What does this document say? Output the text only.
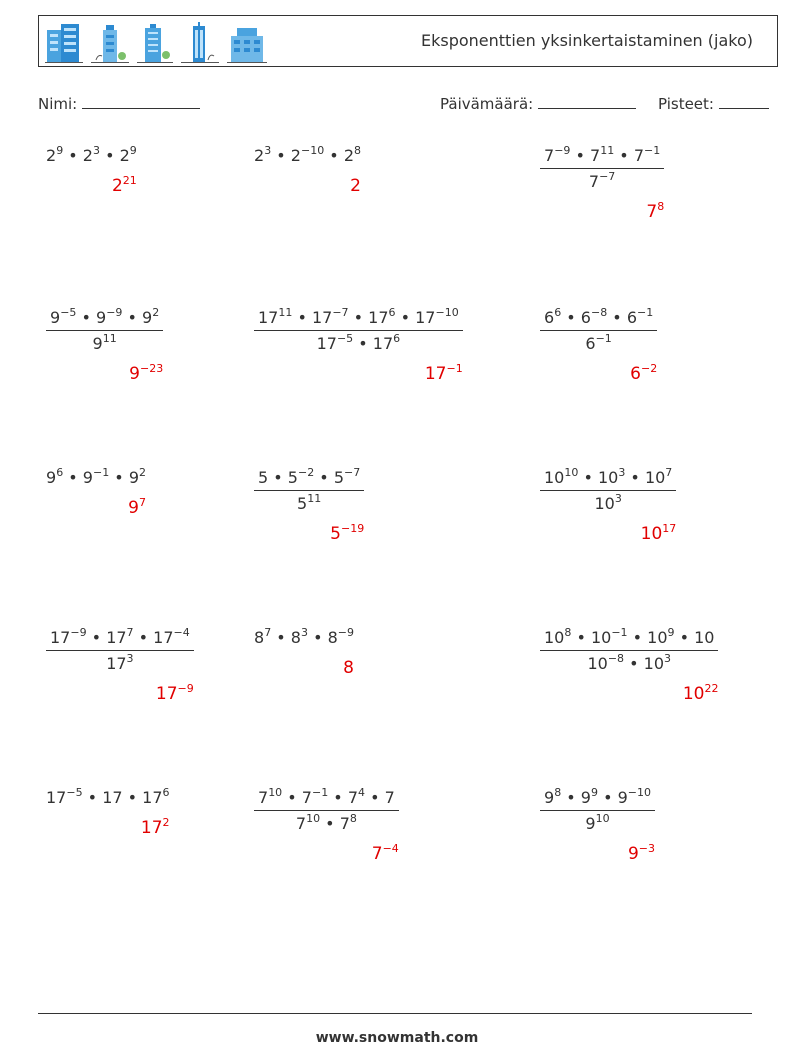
Eksponenttien yksinkertaistaminen (jako)
Nimi:	Päivämäärä:	Pisteet:
$2^9$ • $2^3$ • $2^9$
$2^{21}$
$2^3$ • $2^{-10}$ • $2^8$
2	$\frac{7^{-9} • 7^{11} • 7^{-1}}{7^{-7}}$
$7^8$
$\frac{9^{-5} • 9^{-9} • 9^2}{9^{11}}$
$9^{-23}$
$\frac{17^{11} • 17^{-7} • 17^6 • 17^{-10}}{17^{-5} • 17^6}$
$17^{-1}$
$\frac{6^6 • 6^{-8} • 6^{-1}}{6^{-1}}$
$6^{-2}$
$9^6$ • $9^{-1}$ • $9^2$
$9^7$	$\frac{5 • 5^{-2} • 5^{-7}}{5^{11}}$
$5^{-19}$
$\frac{10^{10} • 10^3 • 10^7}{10^3}$
$10^{17}$
$\frac{17^{-9} • 17^7 • 17^{-4}}{17^3}$
$17^{-9}$
$8^7$ • $8^3$ • $8^{-9}$
8	$\frac{10^8 • 10^{-1} • 10^9 • 10}{10^{-8} • 10^3}$
$10^{22}$
$17^{-5}$ • 17 • $17^6$
$17^2$	$\frac{7^{10} • 7^{-1} • 7^4 • 7}{7^{10} • 7^8}$
$7^{-4}$
$\frac{9^8 • 9^9 • 9^{-10}}{9^{10}}$
$9^{-3}$
www.snowmath.com
